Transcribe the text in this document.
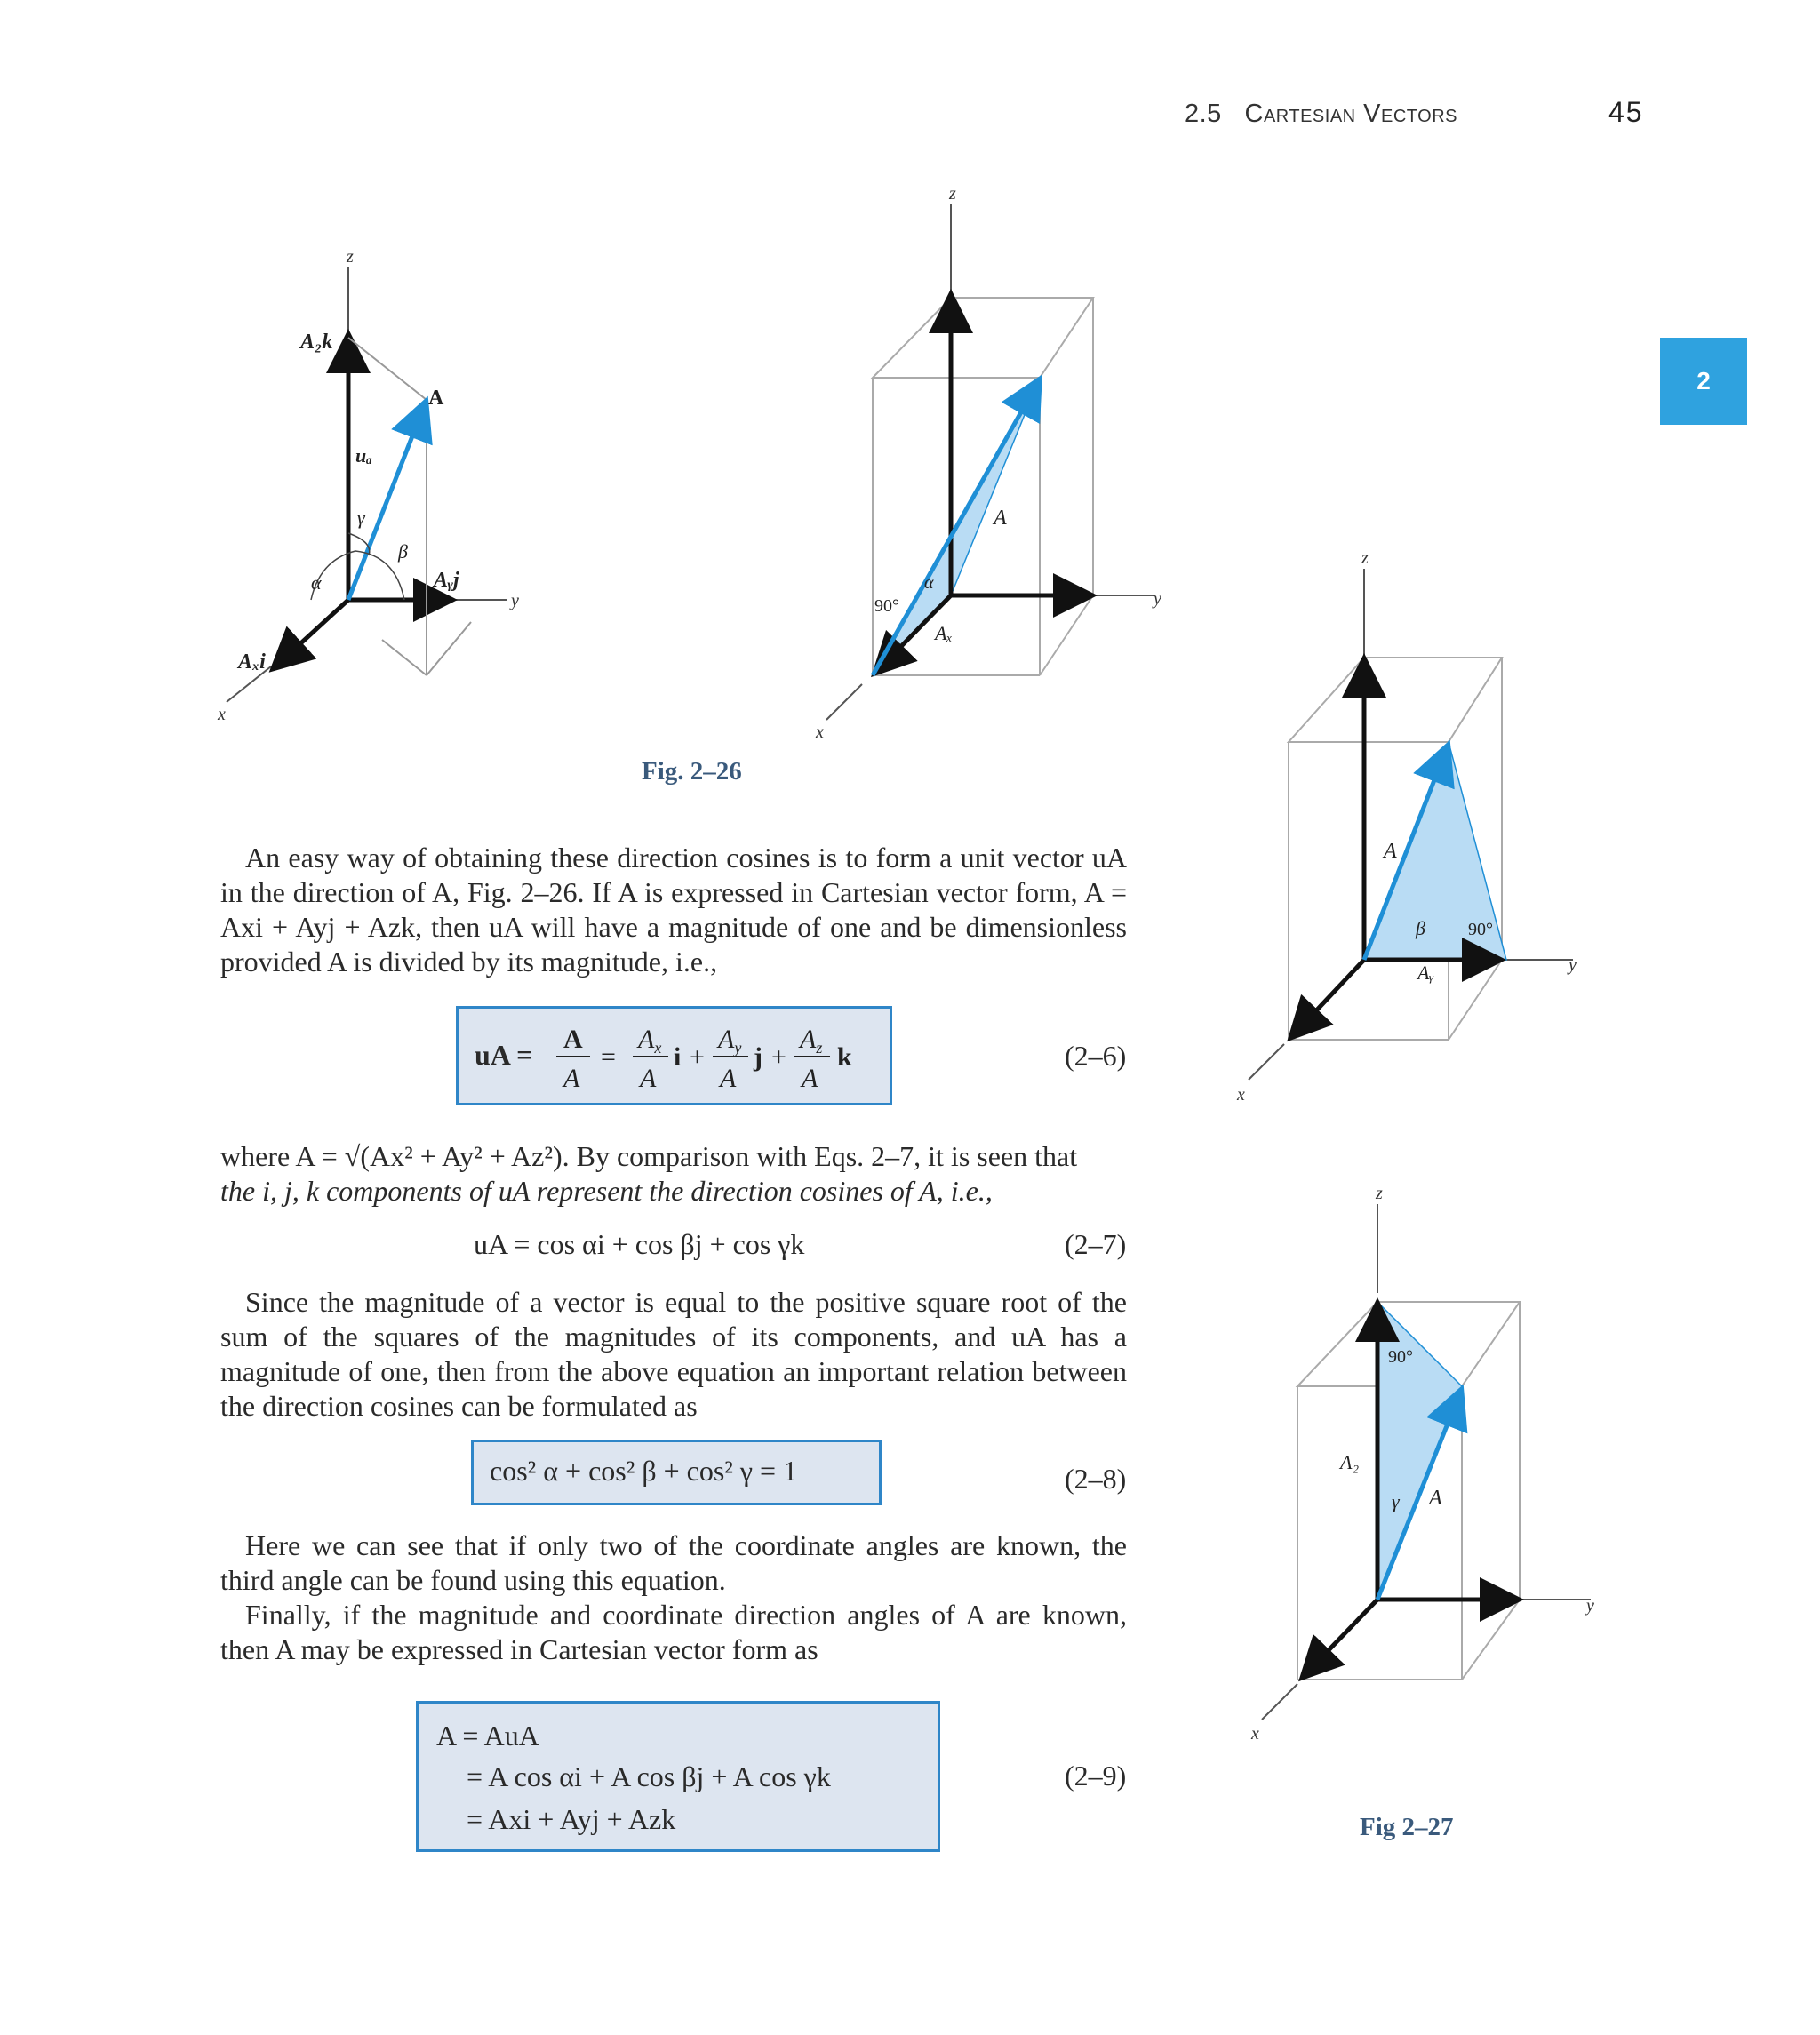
2.5 Cartesian Vectors	45
2
z
y
x
A₂k
A
uₐ
γ
β
α	Aᵧj
Aₓi
z
y
x
A
α
90°
Aₓ
Fig. 2–26
z
y
x
A
β 90°
Aᵧ
z
y
x
A
γ
90°
A₂
Fig 2–27

An easy way of obtaining these direction cosines is to form a unit vector uA in the direction of A, Fig. 2–26. If A is expressed in Cartesian vector form, A = Axi + Ayj + Azk, then uA will have a magnitude of one and be dimensionless provided A is divided by its magnitude, i.e.,

uA = A
A
=
$A_x$
A
i +
$A_y$
A
j +
$A_z$
A
k	(2–6)

where A = √(Ax² + Ay² + Az²). By comparison with Eqs. 2–7, it is seen that

the i, j, k components of uA represent the direction cosines of A, i.e.,

uA = cos αi + cos βj + cos γk	(2–7)

Since the magnitude of a vector is equal to the positive square root of the sum of the squares of the magnitudes of its components, and uA has a magnitude of one, then from the above equation an important relation between the direction cosines can be formulated as

cos² α + cos² β + cos² γ = 1	(2–8)

Here we can see that if only two of the coordinate angles are known, the third angle can be found using this equation.

Finally, if the magnitude and coordinate direction angles of A are known, then A may be expressed in Cartesian vector form as

A = AuA
= A cos αi + A cos βj + A cos γk
= Axi + Ayj + Azk
(2–9)
